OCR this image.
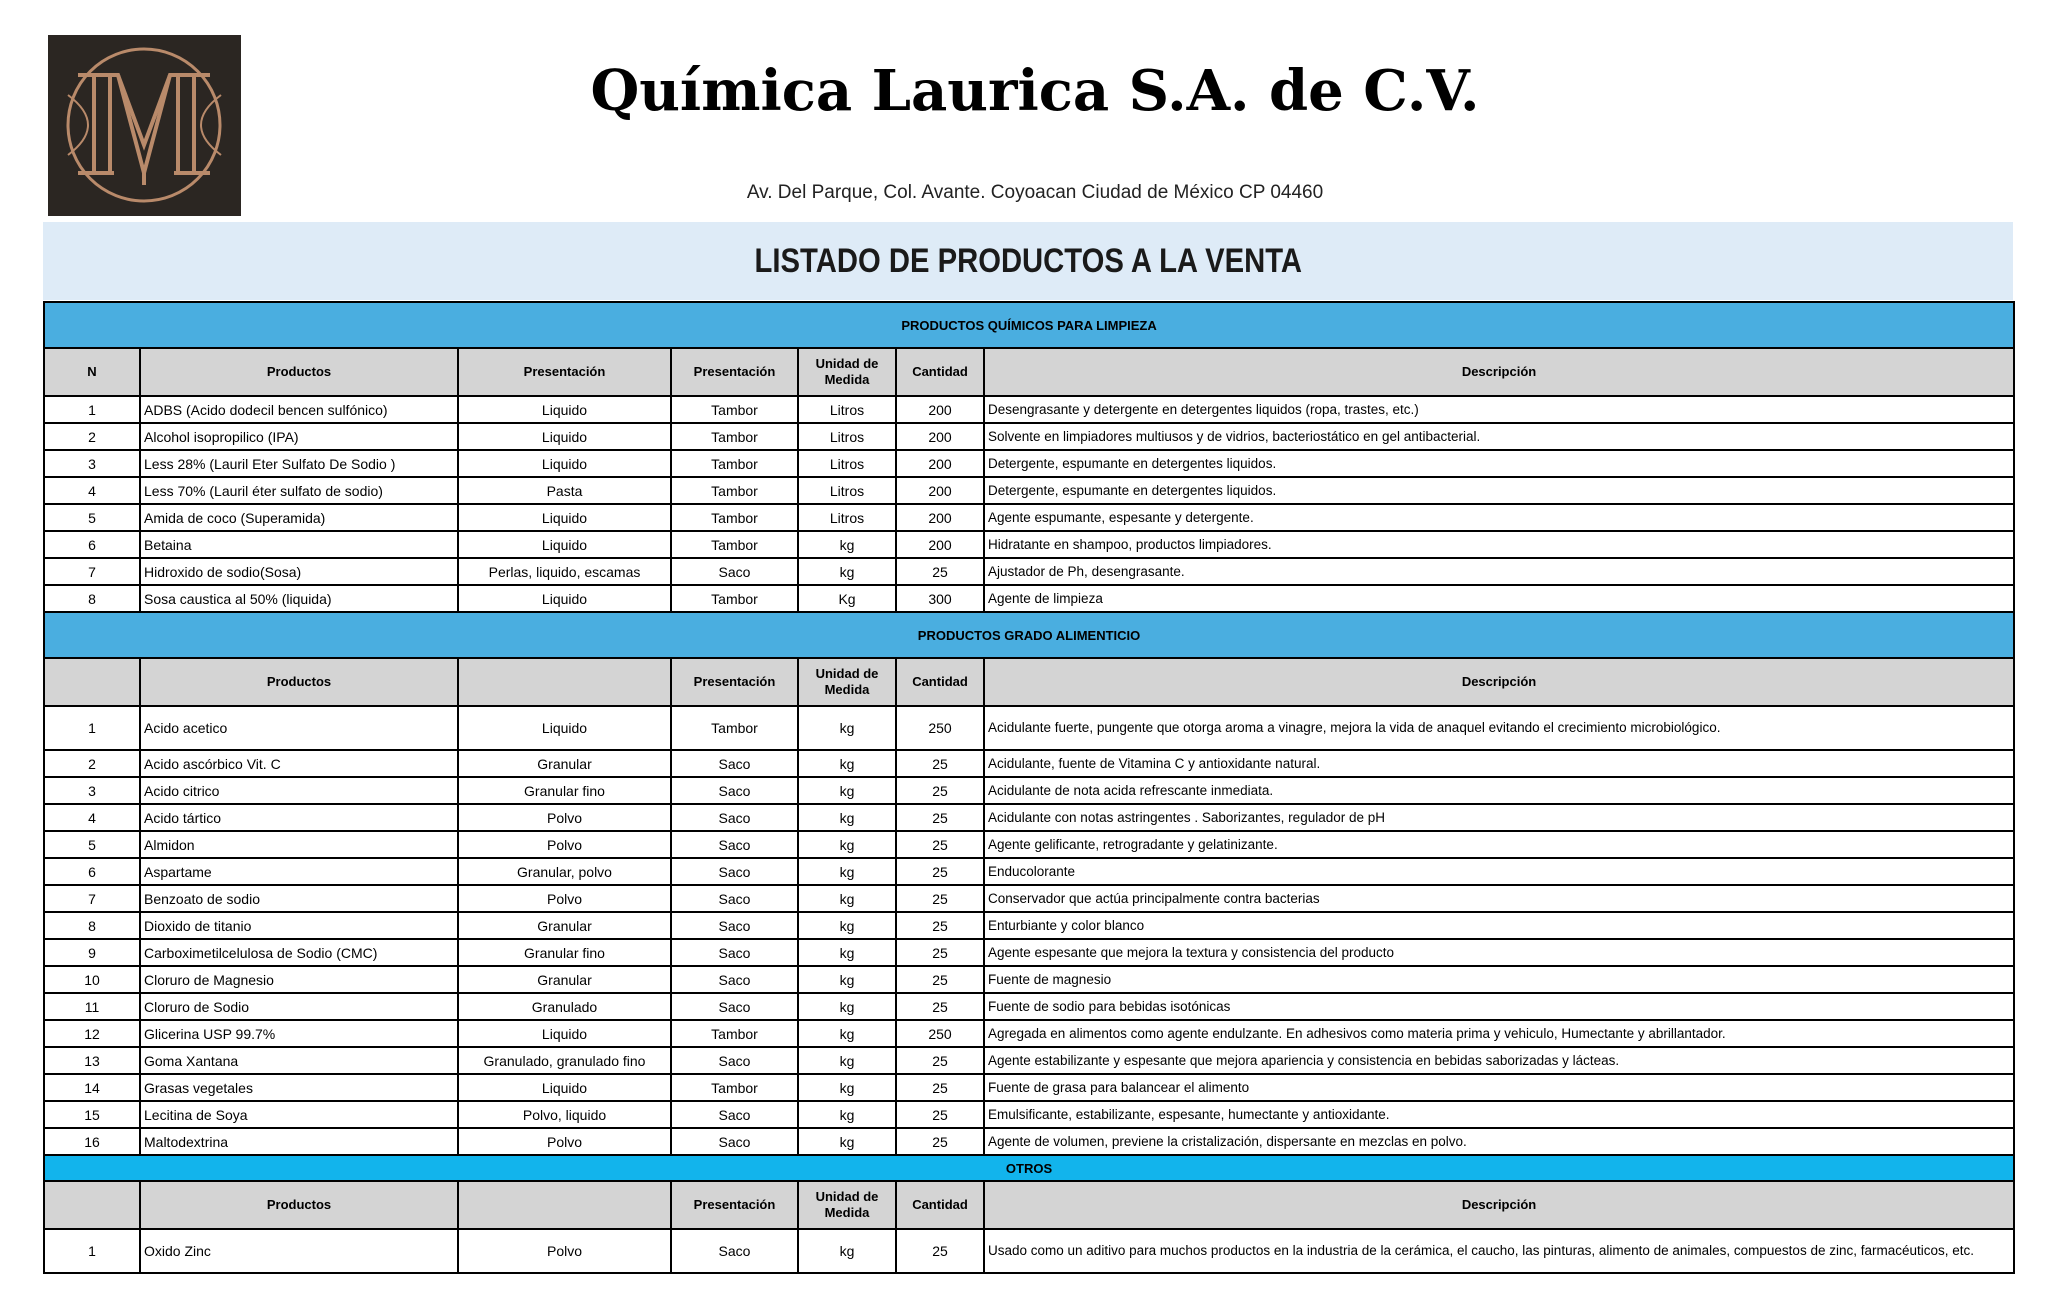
Química Laurica S.A. de C.V.
Av. Del Parque, Col. Avante. Coyoacan Ciudad de México CP 04460
LISTADO DE PRODUCTOS A LA VENTA
PRODUCTOS QUÍMICOS PARA LIMPIEZA						
N	Productos	Presentación	Presentación	Unidad de Medida	Cantidad	Descripción
1	ADBS (Acido dodecil bencen sulfónico)	Liquido	Tambor	Litros	200	Desengrasante y detergente en detergentes liquidos (ropa, trastes, etc.)
2	Alcohol isopropilico (IPA)	Liquido	Tambor	Litros	200	Solvente en limpiadores multiusos y de vidrios, bacteriostático en gel antibacterial.
3	Less 28% (Lauril Eter Sulfato De Sodio )	Liquido	Tambor	Litros	200	Detergente, espumante en detergentes liquidos.
4	Less 70% (Lauril éter sulfato de sodio)	Pasta	Tambor	Litros	200	Detergente, espumante en detergentes liquidos.
5	Amida de coco (Superamida)	Liquido	Tambor	Litros	200	Agente espumante, espesante y detergente.
6	Betaina	Liquido	Tambor	kg	200	Hidratante en shampoo, productos limpiadores.
7	Hidroxido de sodio(Sosa)	Perlas, liquido, escamas	Saco	kg	25	Ajustador de Ph, desengrasante.
8	Sosa caustica al 50% (liquida)	Liquido	Tambor	Kg	300	Agente de limpieza
PRODUCTOS GRADO ALIMENTICIO						
	Productos		Presentación	Unidad de Medida	Cantidad	Descripción
1	Acido acetico	Liquido	Tambor	kg	250	Acidulante fuerte, pungente que otorga aroma a vinagre, mejora la vida de anaquel evitando el crecimiento microbiológico.
2	Acido ascórbico Vit. C	Granular	Saco	kg	25	Acidulante, fuente de Vitamina C y antioxidante natural.
3	Acido citrico	Granular fino	Saco	kg	25	Acidulante de nota acida refrescante inmediata.
4	Acido tártico	Polvo	Saco	kg	25	Acidulante con notas astringentes . Saborizantes, regulador de pH
5	Almidon	Polvo	Saco	kg	25	Agente gelificante, retrogradante y gelatinizante.
6	Aspartame	Granular, polvo	Saco	kg	25	Enducolorante
7	Benzoato de sodio	Polvo	Saco	kg	25	Conservador que actúa principalmente contra bacterias
8	Dioxido de titanio	Granular	Saco	kg	25	Enturbiante y color blanco
9	Carboximetilcelulosa de Sodio (CMC)	Granular fino	Saco	kg	25	Agente espesante que mejora la textura y consistencia del producto
10	Cloruro de Magnesio	Granular	Saco	kg	25	Fuente de magnesio
11	Cloruro de Sodio	Granulado	Saco	kg	25	Fuente de sodio para bebidas isotónicas
12	Glicerina USP 99.7%	Liquido	Tambor	kg	250	Agregada en alimentos como agente endulzante. En adhesivos como materia prima y vehiculo, Humectante y abrillantador.
13	Goma Xantana	Granulado, granulado fino	Saco	kg	25	Agente estabilizante y espesante que mejora apariencia y consistencia en bebidas saborizadas y lácteas.
14	Grasas vegetales	Liquido	Tambor	kg	25	Fuente de grasa para balancear el alimento
15	Lecitina de Soya	Polvo, liquido	Saco	kg	25	Emulsificante, estabilizante, espesante, humectante y antioxidante.
16	Maltodextrina	Polvo	Saco	kg	25	Agente de volumen, previene la cristalización, dispersante en mezclas en polvo.
OTROS						
	Productos		Presentación	Unidad de Medida	Cantidad	Descripción
1	Oxido Zinc	Polvo	Saco	kg	25	Usado como un aditivo para muchos productos en la industria de la cerámica, el caucho, las pinturas, alimento de animales, compuestos de zinc, farmacéuticos, etc.
